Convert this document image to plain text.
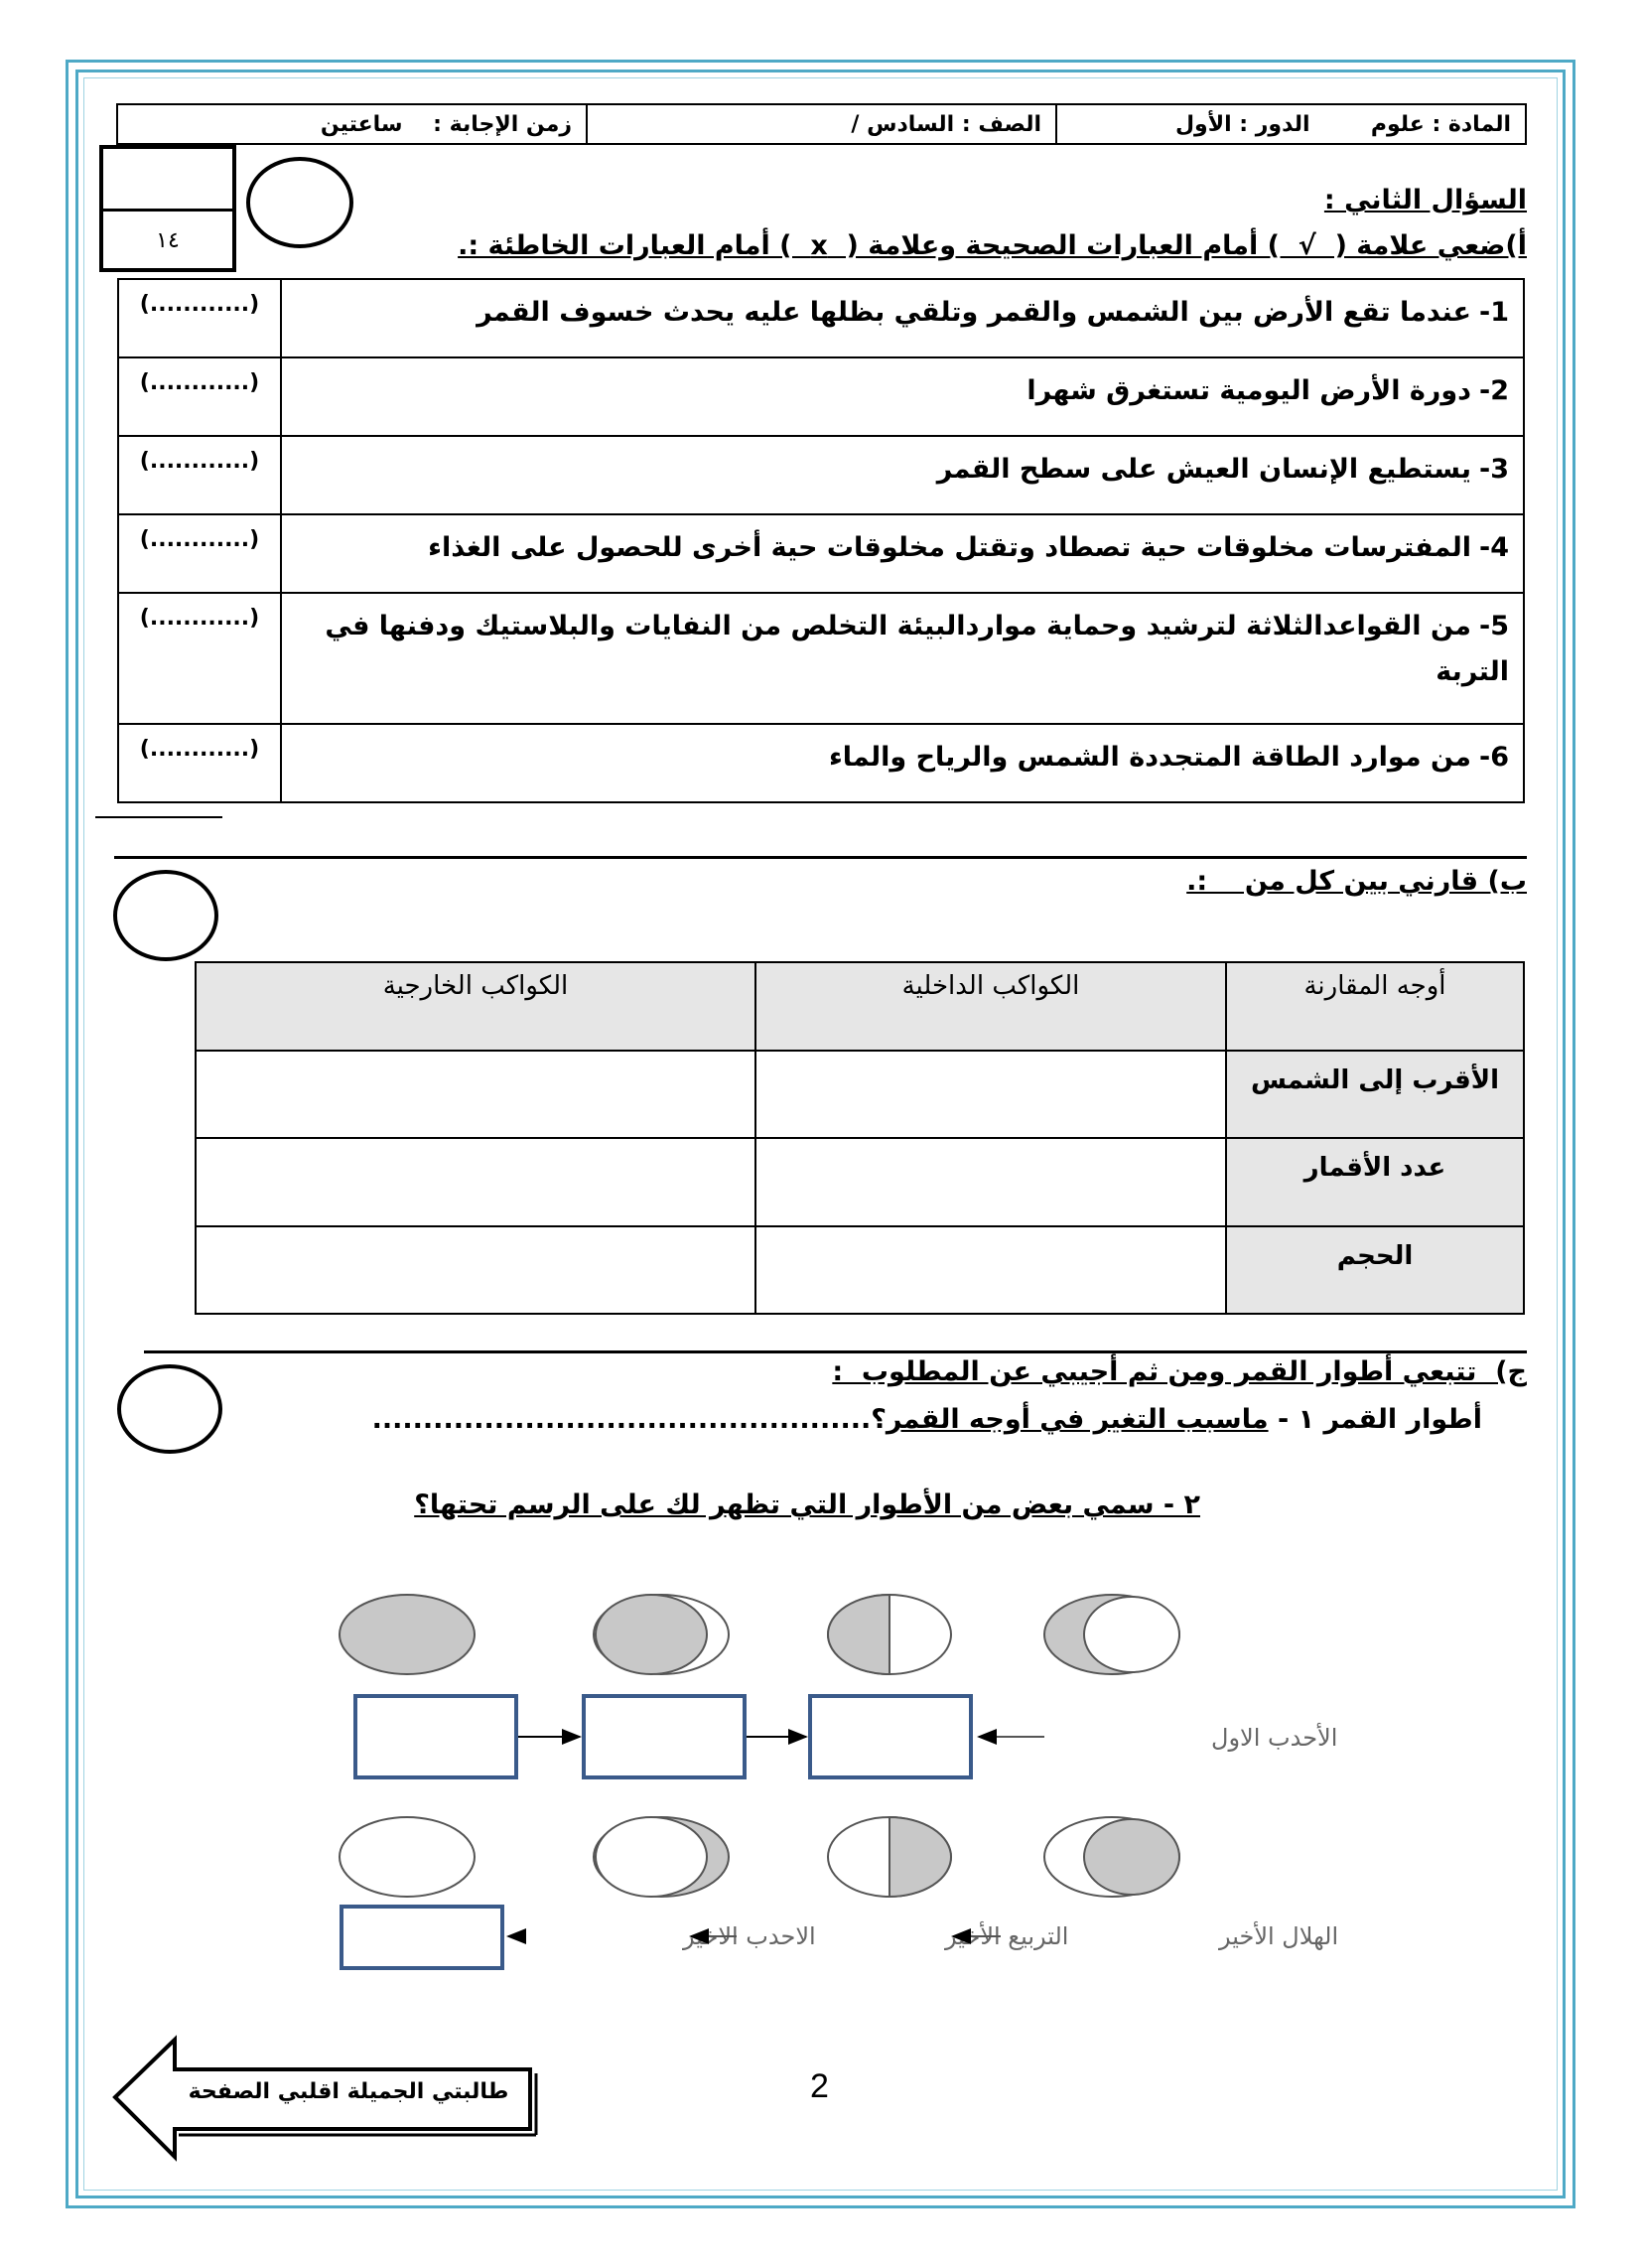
المادة : علوم        الدور : الأول
الصف : السادس /
زمن الإجابة :    ساعتين
١٤
السؤال الثاني :
أ)ضعي علامة (  √  ) أمام العبارات الصحيحة وعلامة (  x  ) أمام العبارات الخاطئة :.
1-عندما تقع الأرض بين الشمس والقمر وتلقي بظلها عليه يحدث خسوف القمر	(............)
2-دورة الأرض اليومية تستغرق شهرا	(............)
3-يستطيع الإنسان العيش على سطح القمر	(............)
4-المفترسات مخلوقات حية تصطاد وتقتل مخلوقات حية أخرى للحصول على الغذاء	(............)
5-من القواعدالثلاثة لترشيد وحماية مواردالبيئة التخلص من النفايات والبلاستيك ودفنها في التربة	(............)
6-من موارد الطاقة المتجددة الشمس والرياح والماء	(............)
ب) قارني بين كل من    :.
أوجه المقارنة	الكواكب الداخلية	الكواكب الخارجية
الأقرب إلى الشمس		
عدد الأقمار		
الحجم		
ج)  تتبعي أطوار القمر ومن ثم أجيبي عن المطلوب  :
أطوار القمر ١ - ماسبب التغير في أوجه القمر؟.................................................
٢ - سمي بعض من الأطوار التي تظهر لك على الرسم تحتها؟
الأحدب الاول
الاحدب الاخير	التربيع الأخير	الهلال الأخير
2
طالبتي الجميلة اقلبي الصفحة
